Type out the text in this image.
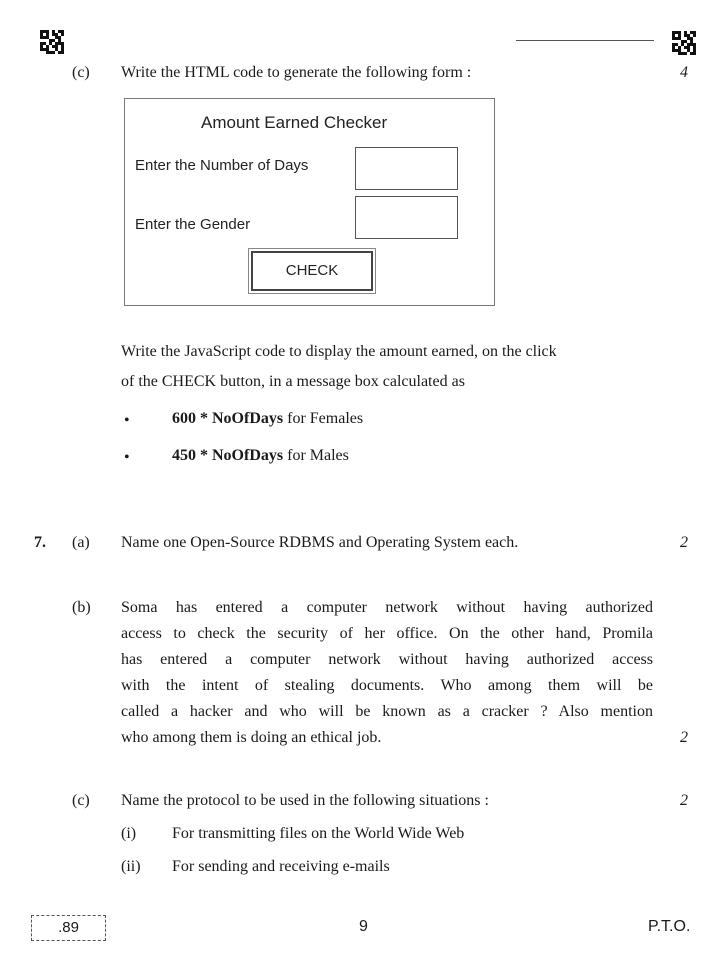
(c) Write the HTML code to generate the following form :	4
Amount Earned Checker
Enter the Number of Days
Enter the Gender
CHECK
Write the JavaScript code to display the amount earned, on the click
of the CHECK button, in a message box calculated as
•	600 * NoOfDays for Females
•	450 * NoOfDays for Males
7. (a) Name one Open-Source RDBMS and Operating System each.	2
(b) Soma has entered a computer network without having authorized
access to check the security of her office. On the other hand, Promila
has entered a computer network without having authorized access
with the intent of stealing documents. Who among them will be
called a hacker and who will be known as a cracker ? Also mention
who among them is doing an ethical job.	2
(c) Name the protocol to be used in the following situations :	2
(i) For transmitting files on the World Wide Web
(ii) For sending and receiving e-mails
.89	9	P.T.O.
